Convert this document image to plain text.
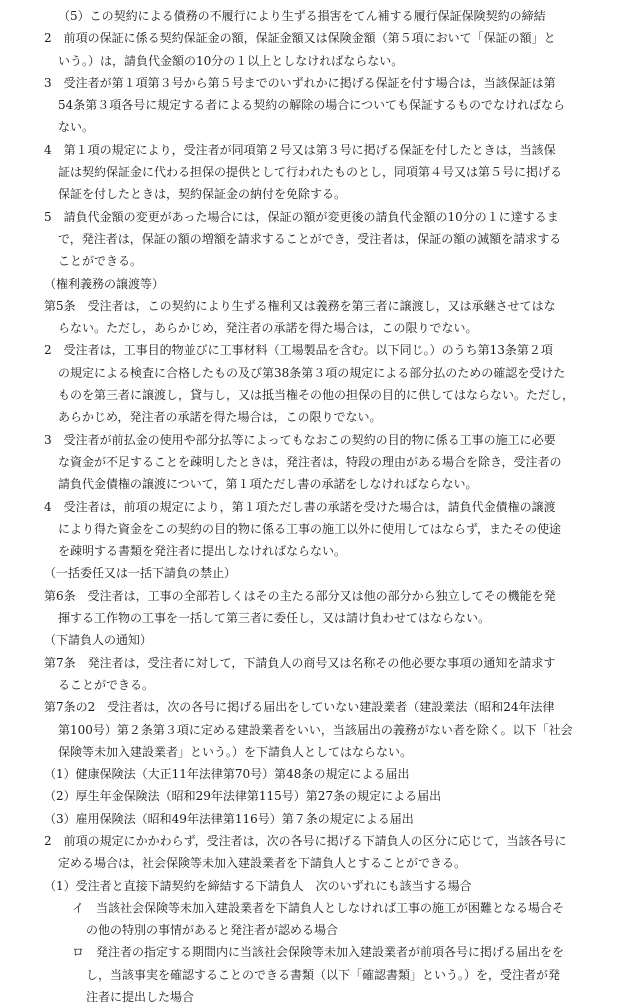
（5）この契約による債務の不履行により生ずる損害をてん補する履行保証保険契約の締結
2　前項の保証に係る契約保証金の額，保証金額又は保険金額（第５項において「保証の額」と
いう。）は，請負代金額の10分の１以上としなければならない。
3　受注者が第１項第３号から第５号までのいずれかに掲げる保証を付す場合は，当該保証は第
54条第３項各号に規定する者による契約の解除の場合についても保証するものでなければなら
ない。
4　第１項の規定により，受注者が同項第２号又は第３号に掲げる保証を付したときは，当該保
証は契約保証金に代わる担保の提供として行われたものとし，同項第４号又は第５号に掲げる
保証を付したときは，契約保証金の納付を免除する。
5　請負代金額の変更があった場合には，保証の額が変更後の請負代金額の10分の１に達するま
で，発注者は，保証の額の増額を請求することができ，受注者は，保証の額の減額を請求する
ことができる。
（権利義務の譲渡等）
第5条　受注者は，この契約により生ずる権利又は義務を第三者に譲渡し，又は承継させてはな
らない。ただし，あらかじめ，発注者の承諾を得た場合は，この限りでない。
2　受注者は，工事目的物並びに工事材料（工場製品を含む。以下同じ。）のうち第13条第２項
の規定による検査に合格したもの及び第38条第３項の規定による部分払のための確認を受けた
ものを第三者に譲渡し，貸与し，又は抵当権その他の担保の目的に供してはならない。ただし，
あらかじめ，発注者の承諾を得た場合は，この限りでない。
3　受注者が前払金の使用や部分払等によってもなおこの契約の目的物に係る工事の施工に必要
な資金が不足することを疎明したときは，発注者は，特段の理由がある場合を除き，受注者の
請負代金債権の譲渡について，第１項ただし書の承諾をしなければならない。
4　受注者は，前項の規定により，第１項ただし書の承諾を受けた場合は，請負代金債権の譲渡
により得た資金をこの契約の目的物に係る工事の施工以外に使用してはならず，またその使途
を疎明する書類を発注者に提出しなければならない。
（一括委任又は一括下請負の禁止）
第6条　受注者は，工事の全部若しくはその主たる部分又は他の部分から独立してその機能を発
揮する工作物の工事を一括して第三者に委任し，又は請け負わせてはならない。
（下請負人の通知）
第7条　発注者は，受注者に対して，下請負人の商号又は名称その他必要な事項の通知を請求す
ることができる。
第7条の2　受注者は，次の各号に掲げる届出をしていない建設業者（建設業法（昭和24年法律
第100号）第２条第３項に定める建設業者をいい，当該届出の義務がない者を除く。以下「社会
保険等未加入建設業者」という。）を下請負人としてはならない。
（1）健康保険法（大正11年法律第70号）第48条の規定による届出
（2）厚生年金保険法（昭和29年法律第115号）第27条の規定による届出
（3）雇用保険法（昭和49年法律第116号）第７条の規定による届出
2　前項の規定にかかわらず，受注者は，次の各号に掲げる下請負人の区分に応じて，当該各号に
定める場合は，社会保険等未加入建設業者を下請負人とすることができる。
（1）受注者と直接下請契約を締結する下請負人　次のいずれにも該当する場合
イ　当該社会保険等未加入建設業者を下請負人としなければ工事の施工が困難となる場合そ
の他の特別の事情があると発注者が認める場合
ロ　発注者の指定する期間内に当該社会保険等未加入建設業者が前項各号に掲げる届出をを
し，当該事実を確認することのできる書類（以下「確認書類」という。）を，受注者が発
注者に提出した場合
